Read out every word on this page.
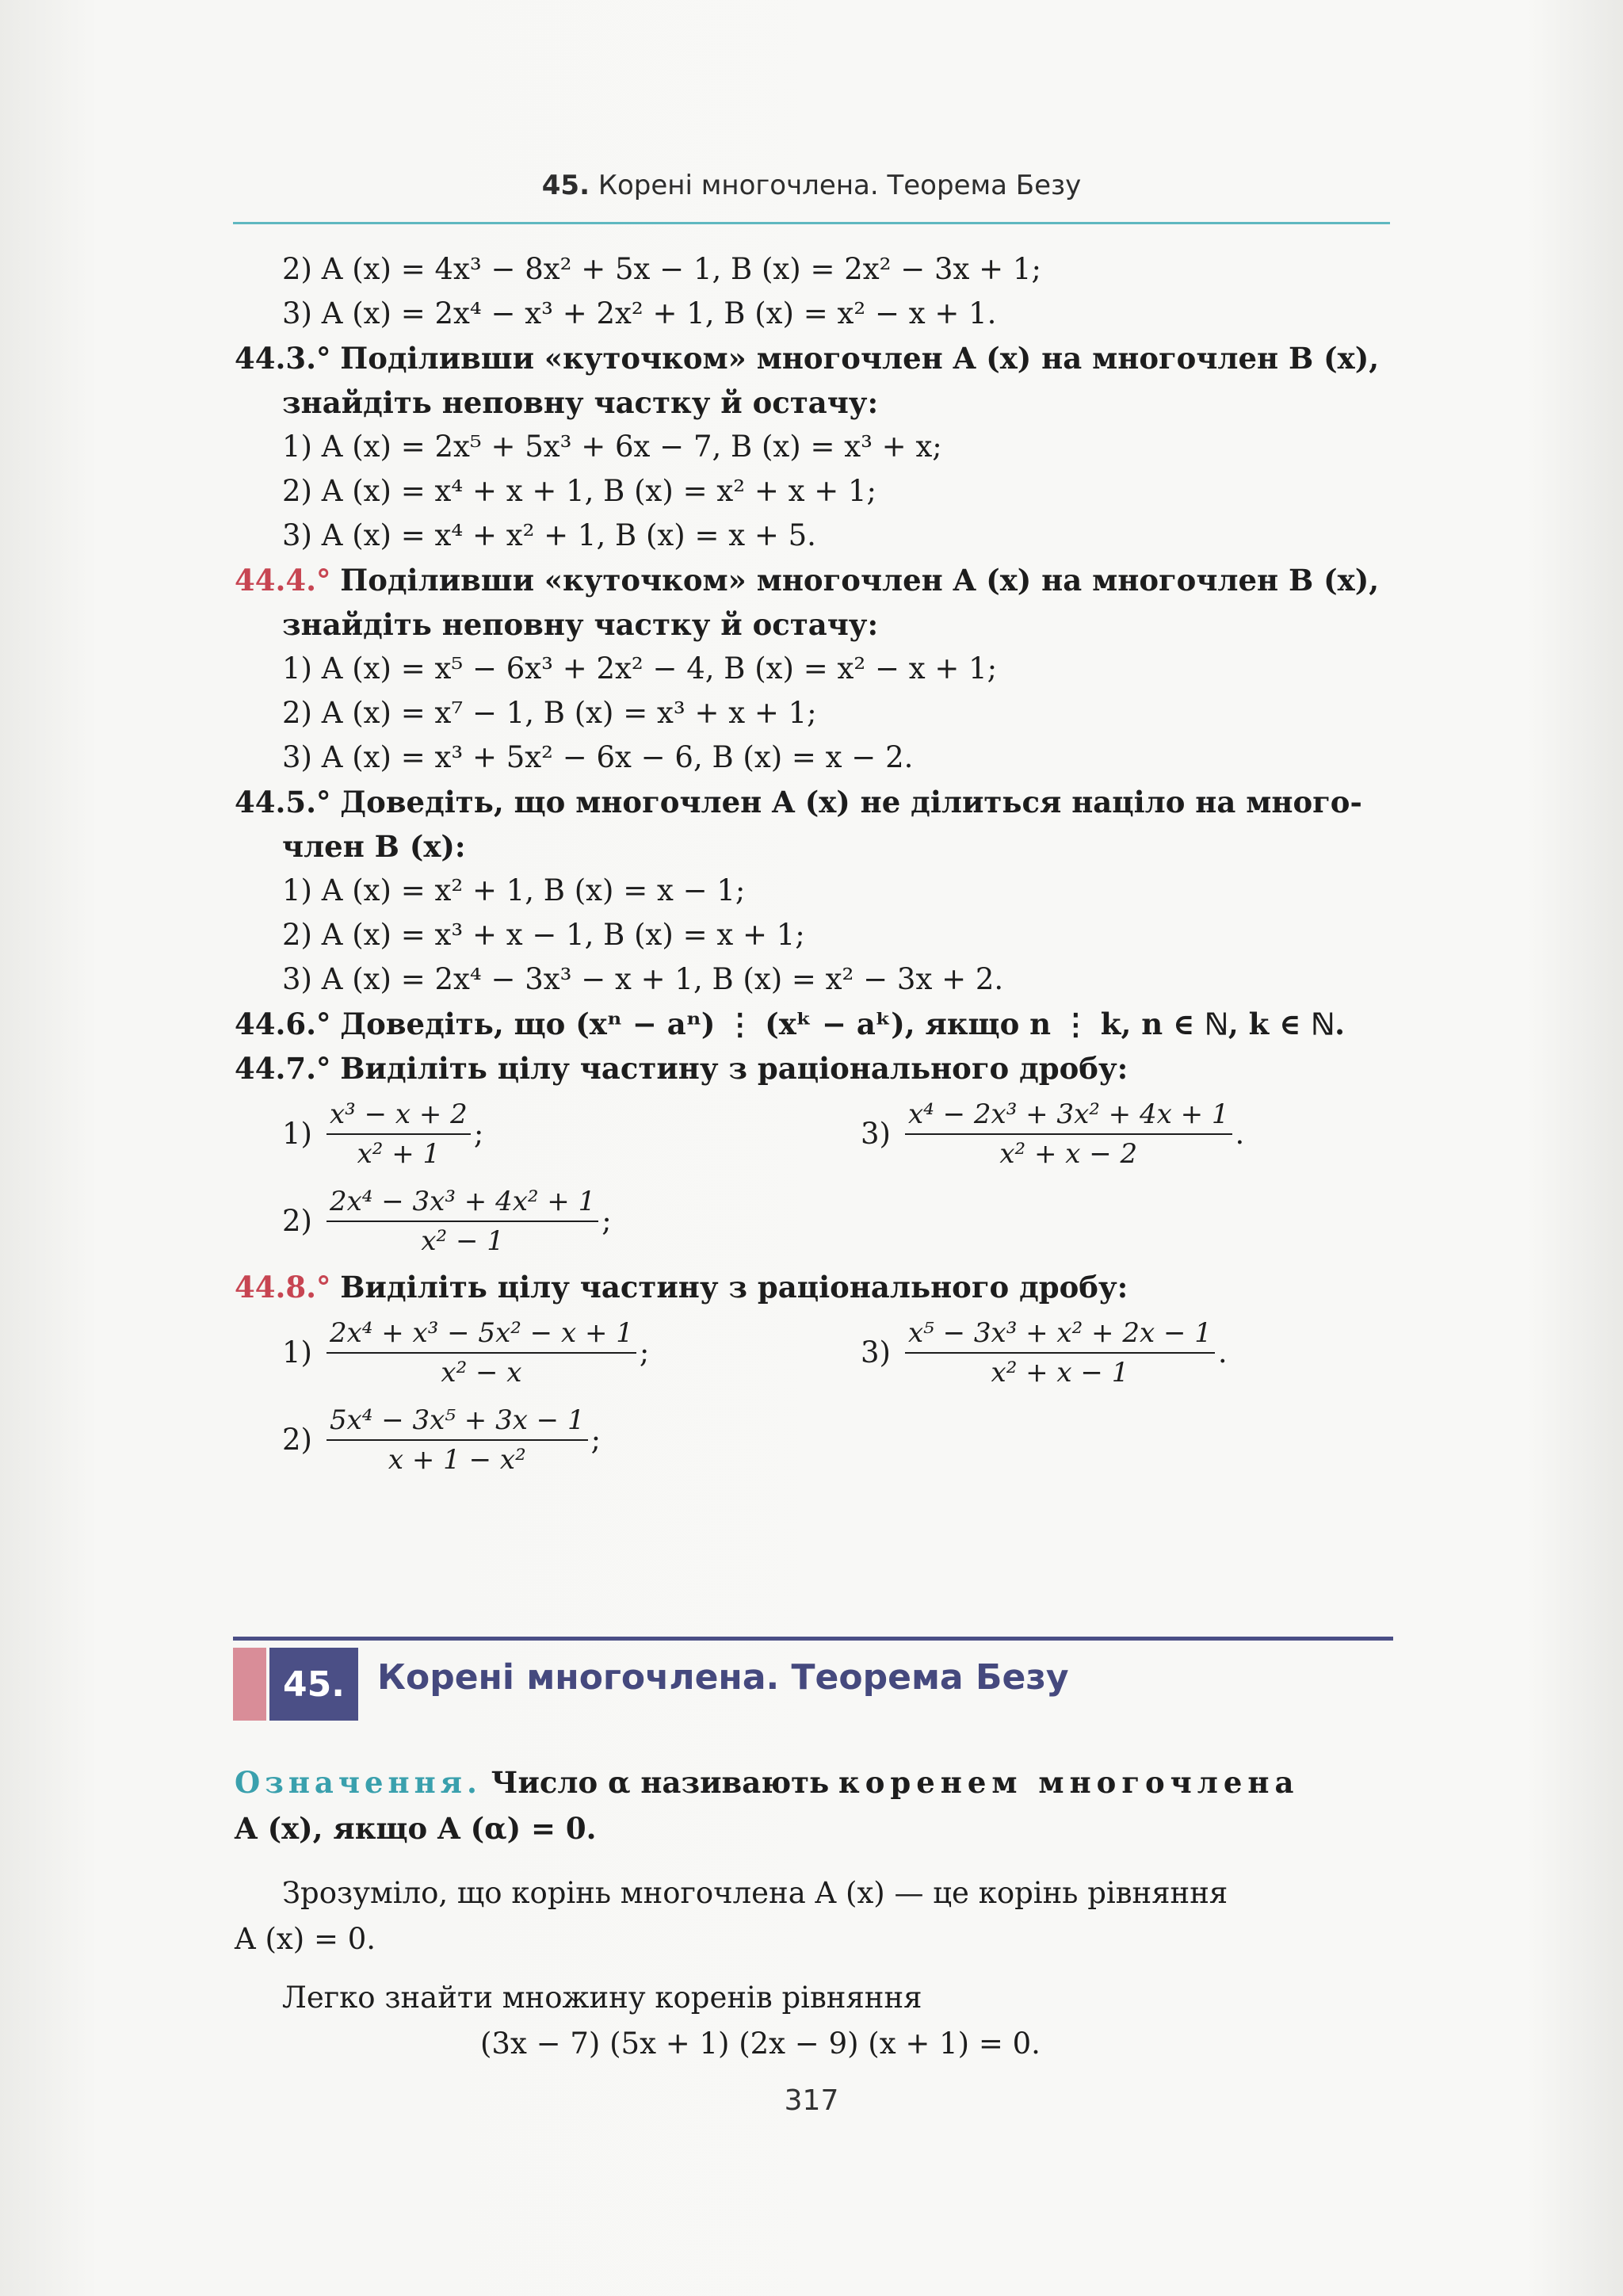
45. Корені многочлена. Теорема Безу
2) A (x) = 4x³ − 8x² + 5x − 1, B (x) = 2x² − 3x + 1;
3) A (x) = 2x⁴ − x³ + 2x² + 1, B (x) = x² − x + 1.
44.3.° Поділивши «куточком» многочлен A (x) на многочлен B (x),
знайдіть неповну частку й остачу:
1) A (x) = 2x⁵ + 5x³ + 6x − 7, B (x) = x³ + x;
2) A (x) = x⁴ + x + 1, B (x) = x² + x + 1;
3) A (x) = x⁴ + x² + 1, B (x) = x + 5.
44.4.° Поділивши «куточком» многочлен A (x) на многочлен B (x),
знайдіть неповну частку й остачу:
1) A (x) = x⁵ − 6x³ + 2x² − 4, B (x) = x² − x + 1;
2) A (x) = x⁷ − 1, B (x) = x³ + x + 1;
3) A (x) = x³ + 5x² − 6x − 6, B (x) = x − 2.
44.5.° Доведіть, що многочлен A (x) не ділиться націло на много-
член B (x):
1) A (x) = x² + 1, B (x) = x − 1;
2) A (x) = x³ + x − 1, B (x) = x + 1;
3) A (x) = 2x⁴ − 3x³ − x + 1, B (x) = x² − 3x + 2.
44.6.° Доведіть, що (xⁿ − aⁿ) ⋮ (xᵏ − aᵏ), якщо n ⋮ k, n ∈ ℕ, k ∈ ℕ.
44.7.° Виділіть цілу частину з раціонального дробу:
$1) \frac{\text{x³ − x + 2}}{\text{x² + 1}}$ ;	$3) \frac{\text{x⁴ − 2x³ + 3x² + 4x + 1}}{\text{x² + x − 2}}$ .
$2) \frac{\text{2x⁴ − 3x³ + 4x² + 1}}{\text{x² − 1}}$ ;
44.8.° Виділіть цілу частину з раціонального дробу:
$1) \frac{\text{2x⁴ + x³ − 5x² − x + 1}}{\text{x² − x}}$ ;	$3) \frac{\text{x⁵ − 3x³ + x² + 2x − 1}}{\text{x² + x − 1}}$ .
$2) \frac{\text{5x⁴ − 3x⁵ + 3x − 1}}{\text{x + 1 − x²}}$ ;
45. Корені многочлена. Теорема Безу
Означення. Число α називають коренем многочлена
A (x), якщо A (α) = 0.
Зрозуміло, що корінь многочлена A (x) — це корінь рівняння
A (x) = 0.
Легко знайти множину коренів рівняння
(3x − 7) (5x + 1) (2x − 9) (x + 1) = 0.
317
